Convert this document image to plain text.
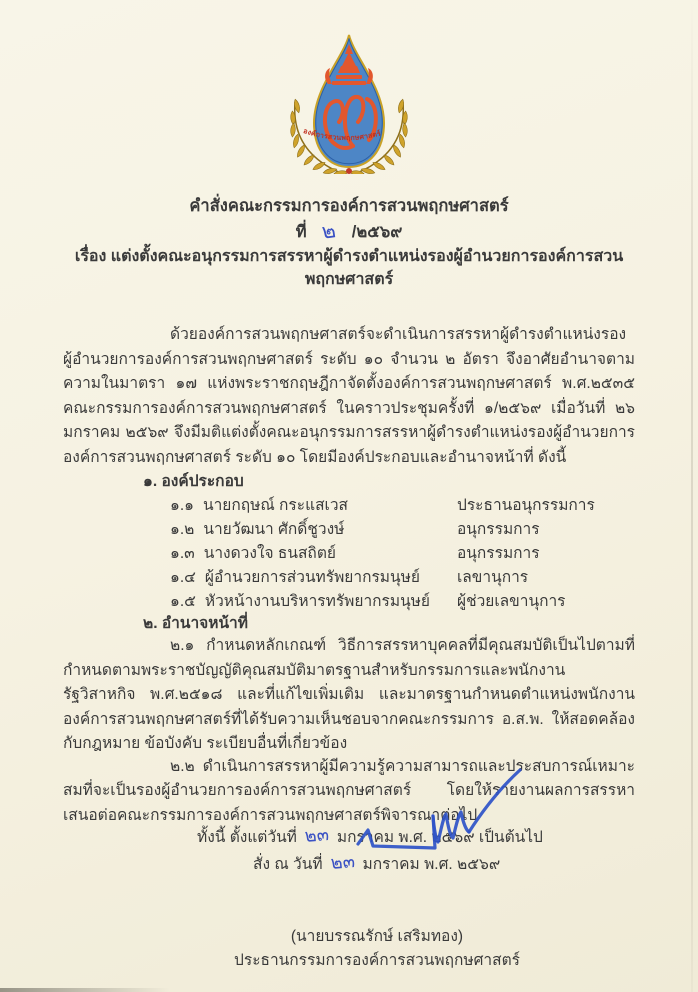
องค์การสวนพฤกษศาสตร์
คำสั่งคณะกรรมการองค์การสวนพฤกษศาสตร์
ที่ ๒ /๒๕๖๙
เรื่อง แต่งตั้งคณะอนุกรรมการสรรหาผู้ดำรงตำแหน่งรองผู้อำนวยการองค์การสวนพฤกษศาสตร์

ด้วยองค์การสวนพฤกษศาสตร์จะดำเนินการสรรหาผู้ดำรงตำแหน่งรองผู้อำนวยการองค์การสวนพฤกษศาสตร์ ระดับ ๑๐ จำนวน ๒ อัตรา จึงอาศัยอำนาจตามความในมาตรา ๑๗ แห่งพระราชกฤษฎีกาจัดตั้งองค์การสวนพฤกษศาสตร์ พ.ศ.๒๕๓๕ คณะกรรมการองค์การสวนพฤกษศาสตร์ ในคราวประชุมครั้งที่ ๑/๒๕๖๙ เมื่อวันที่ ๒๖ มกราคม ๒๕๖๙ จึงมีมติแต่งตั้งคณะอนุกรรมการสรรหาผู้ดำรงตำแหน่งรองผู้อำนวยการองค์การสวนพฤกษศาสตร์ ระดับ ๑๐ โดยมีองค์ประกอบและอำนาจหน้าที่ ดังนี้

๑. องค์ประกอบ
๑.๑ นายกฤษณ์ กระแสเวส	ประธานอนุกรรมการ
๑.๒ นายวัฒนา ศักดิ์ชูวงษ์	อนุกรรมการ
๑.๓ นางดวงใจ ธนสถิตย์	อนุกรรมการ
๑.๔ ผู้อำนวยการส่วนทรัพยากรมนุษย์ เลขานุการ
๑.๕ หัวหน้างานบริหารทรัพยากรมนุษย์ ผู้ช่วยเลขานุการ
๒. อำนาจหน้าที่

๒.๑ กำหนดหลักเกณฑ์ วิธีการสรรหาบุคคลที่มีคุณสมบัติเป็นไปตามที่กำหนดตามพระราชบัญญัติคุณสมบัติมาตรฐานสำหรับกรรมการและพนักงานรัฐวิสาหกิจ พ.ศ.๒๕๑๘ และที่แก้ไขเพิ่มเติม และมาตรฐานกำหนดตำแหน่งพนักงานองค์การสวนพฤกษศาสตร์ที่ได้รับความเห็นชอบจากคณะกรรมการ อ.ส.พ. ให้สอดคล้องกับกฎหมาย ข้อบังคับ ระเบียบอื่นที่เกี่ยวข้อง

๒.๒ ดำเนินการสรรหาผู้มีความรู้ความสามารถและประสบการณ์เหมาะสมที่จะเป็นรองผู้อำนวยการองค์การสวนพฤกษศาสตร์ โดยให้รายงานผลการสรรหาเสนอต่อคณะกรรมการองค์การสวนพฤกษศาสตร์พิจารณาต่อไป

ทั้งนี้ ตั้งแต่วันที่ ๒๓ มกราคม พ.ศ. ๒๕๖๙ เป็นต้นไป
สั่ง ณ วันที่ ๒๓ มกราคม พ.ศ. ๒๕๖๙
(นายบรรณรักษ์ เสริมทอง)
ประธานกรรมการองค์การสวนพฤกษศาสตร์
